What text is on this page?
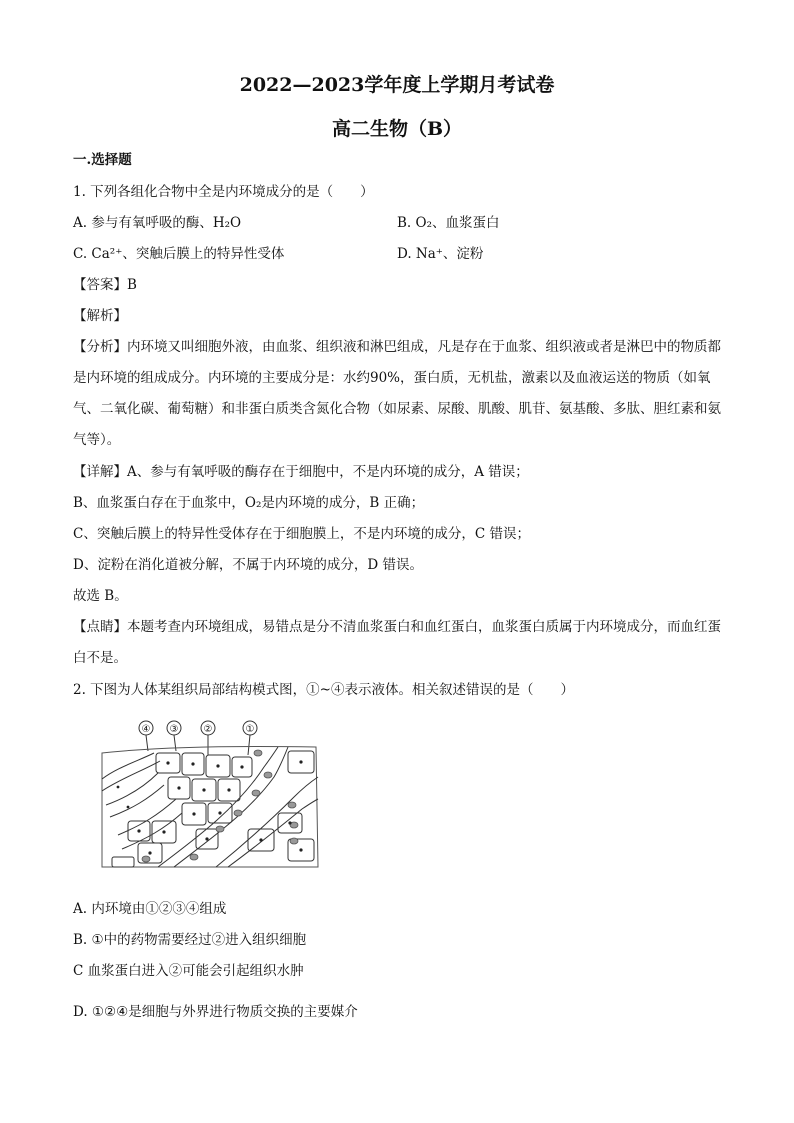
2022—2023学年度上学期月考试卷
高二生物（B）
一.选择题
1. 下列各组化合物中全是内环境成分的是（　　）
A. 参与有氧呼吸的酶、H₂O	B. O₂、血浆蛋白
C. Ca²⁺、突触后膜上的特异性受体	D. Na⁺、淀粉
【答案】B
【解析】
【分析】内环境又叫细胞外液，由血浆、组织液和淋巴组成，凡是存在于血浆、组织液或者是淋巴中的物质都是内环境的组成成分。内环境的主要成分是：水约90%，蛋白质，无机盐，激素以及血液运送的物质（如氧气、二氧化碳、葡萄糖）和非蛋白质类含氮化合物（如尿素、尿酸、肌酸、肌苷、氨基酸、多肽、胆红素和氨气等）。
【详解】A、参与有氧呼吸的酶存在于细胞中，不是内环境的成分，A 错误；
B、血浆蛋白存在于血浆中，O₂是内环境的成分，B 正确；
C、突触后膜上的特异性受体存在于细胞膜上，不是内环境的成分，C 错误；
D、淀粉在消化道被分解，不属于内环境的成分，D 错误。
故选 B。
【点睛】本题考查内环境组成，易错点是分不清血浆蛋白和血红蛋白，血浆蛋白质属于内环境成分，而血红蛋白不是。
2. 下图为人体某组织局部结构模式图，①~④表示液体。相关叙述错误的是（　　）
④ ③	②	①
A. 内环境由①②③④组成
B. ①中的药物需要经过②进入组织细胞
C 血浆蛋白进入②可能会引起组织水肿
D. ①②④是细胞与外界进行物质交换的主要媒介
